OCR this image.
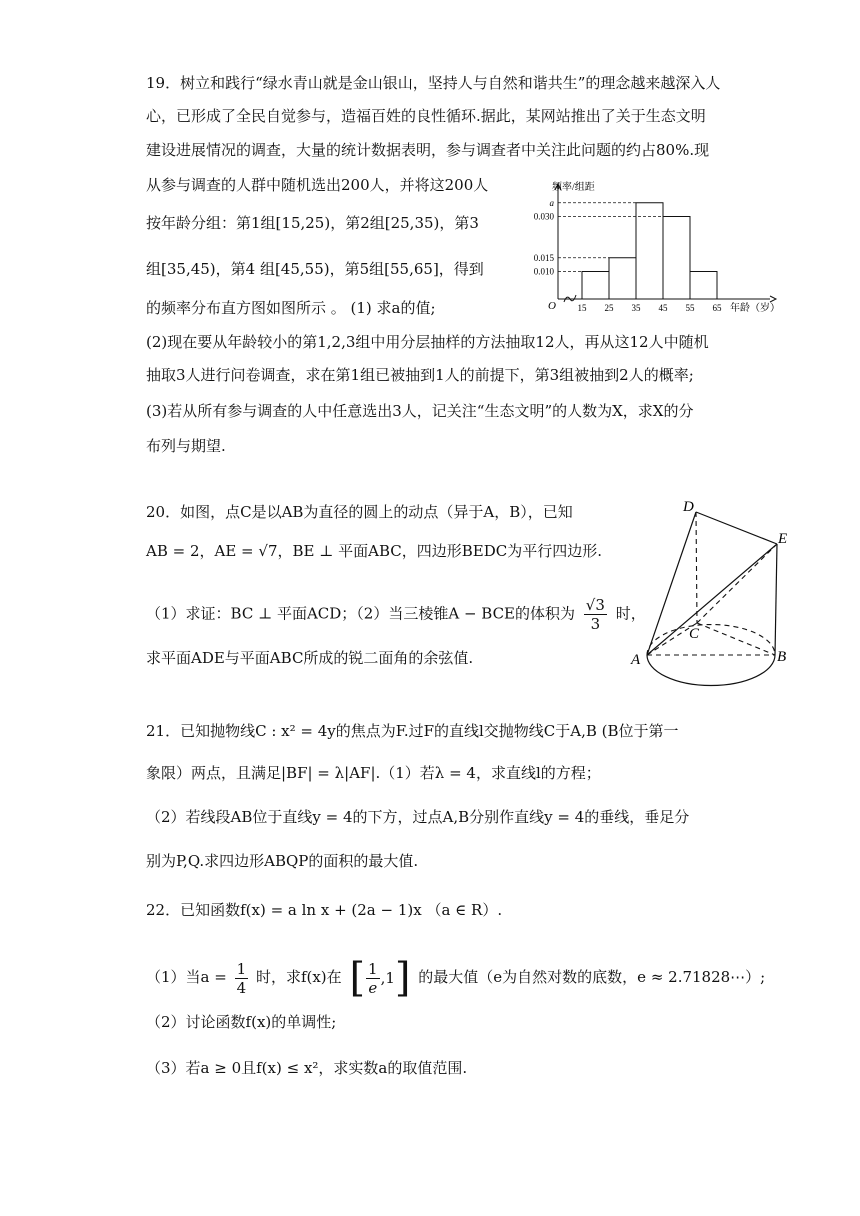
19．树立和践行“绿水青山就是金山银山，坚持人与自然和谐共生”的理念越来越深入人
心，已形成了全民自觉参与，造福百姓的良性循环.据此，某网站推出了关于生态文明
建设进展情况的调查，大量的统计数据表明，参与调查者中关注此问题的约占80%.现
从参与调查的人群中随机选出200人，并将这200人
按年龄分组：第1组[15,25)，第2组[25,35)，第3
组[35,45)，第4 组[45,55)，第5组[55,65]，得到
的频率分布直方图如图所示 。 (1) 求a的值;
(2)现在要从年龄较小的第1,2,3组中用分层抽样的方法抽取12人，再从这12人中随机
抽取3人进行问卷调查，求在第1组已被抽到1人的前提下，第3组被抽到2人的概率;
(3)若从所有参与调查的人中任意选出3人，记关注“生态文明”的人数为X，求X的分
布列与期望.
a
0.030
0.015
0.010
15 25 35 45 55 65
O
频率/组距
年龄（岁）
20．如图，点C是以AB为直径的圆上的动点（异于A，B），已知
AB = 2，AE = √7，BE ⊥ 平面ABC，四边形BEDC为平行四边形.
（1）求证：BC ⊥ 平面ACD；（2）当三棱锥A − BCE的体积为 $\frac{√3}{3}$ 时，
求平面ADE与平面ABC所成的锐二面角的余弦值.
D
E
C
A	B
21．已知抛物线C : x² = 4y的焦点为F.过F的直线l交抛物线C于A,B (B位于第一
象限）两点，且满足|BF| = λ|AF|.（1）若λ = 4，求直线l的方程；
（2）若线段AB位于直线y = 4的下方，过点A,B分别作直线y = 4的垂线，垂足分
别为P,Q.求四边形ABQP的面积的最大值.
22．已知函数f(x) = a ln x + (2a − 1)x （a ∈ R）.
（1）当$a = \frac{1}{4}$ 时，求f(x)在 [ $\frac{1}{e} ,1$ ] 的最大值（e为自然对数的底数，e ≈ 2.71828⋯）;
（2）讨论函数f(x)的单调性;
（3）若a ≥ 0且f(x) ≤ x²，求实数a的取值范围.
